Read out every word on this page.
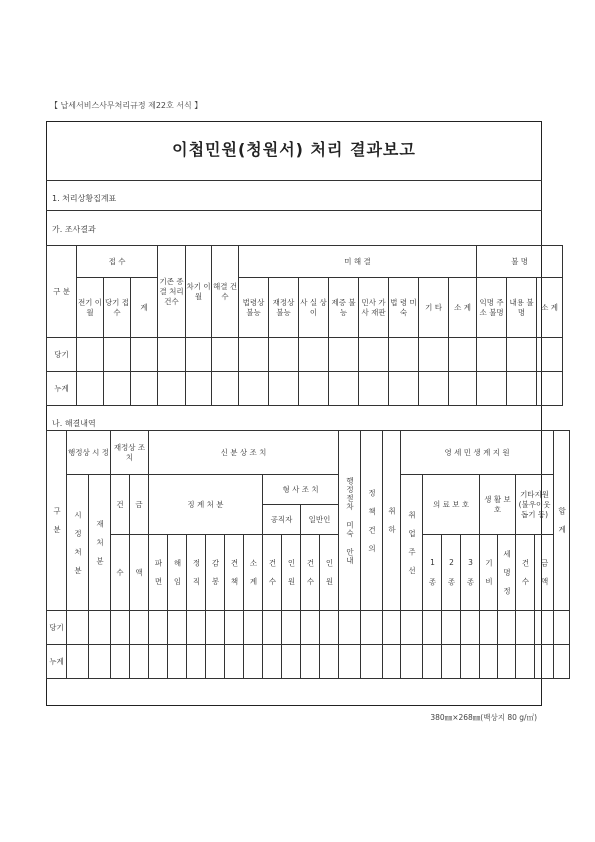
【 납세서비스사무처리규정 제22호 서식 】
이첩민원(청원서) 처리 결과보고
1. 처리상황집계표
가. 조사결과
구 분	접 수			기존 종결 처리 건수	차기 이월	해결 건수	미 해 결								불 명		
	전기 이월	당기 접수	계				법령상 불능	재정상 불능	사 실 상 이	제증 불능	민사 가사 재판	법 령 미 숙	기 타	소 계	익명 주소 불명	내용 불명	소 계
당기																	
누계																	
나. 해결내역
구 분	행정상 시 정		재정상 조 치		신 분 상 조 치										행정절차 미숙 안내	정 책 건 의	취 하	영 세 민 생 계 지 원								합 계
	시 정 처 분	재 처 분	건	금	징 계 처 분						형 사 조 치							취 업 주 선	의 료 보 호			생 활 보 호		기타지원 (불우이웃 돕기 등)		
											공직자		일반인													
			수	액	파 면	해 임	정 직	감 봉	견 책	소 계	건 수	인 원	건 수	인 원					1 종	2 종	3 종	기 비	세 명 정	건 수	금 액	
당기																										
누계																										
380㎜×268㎜(백상지 80 g/㎡)
